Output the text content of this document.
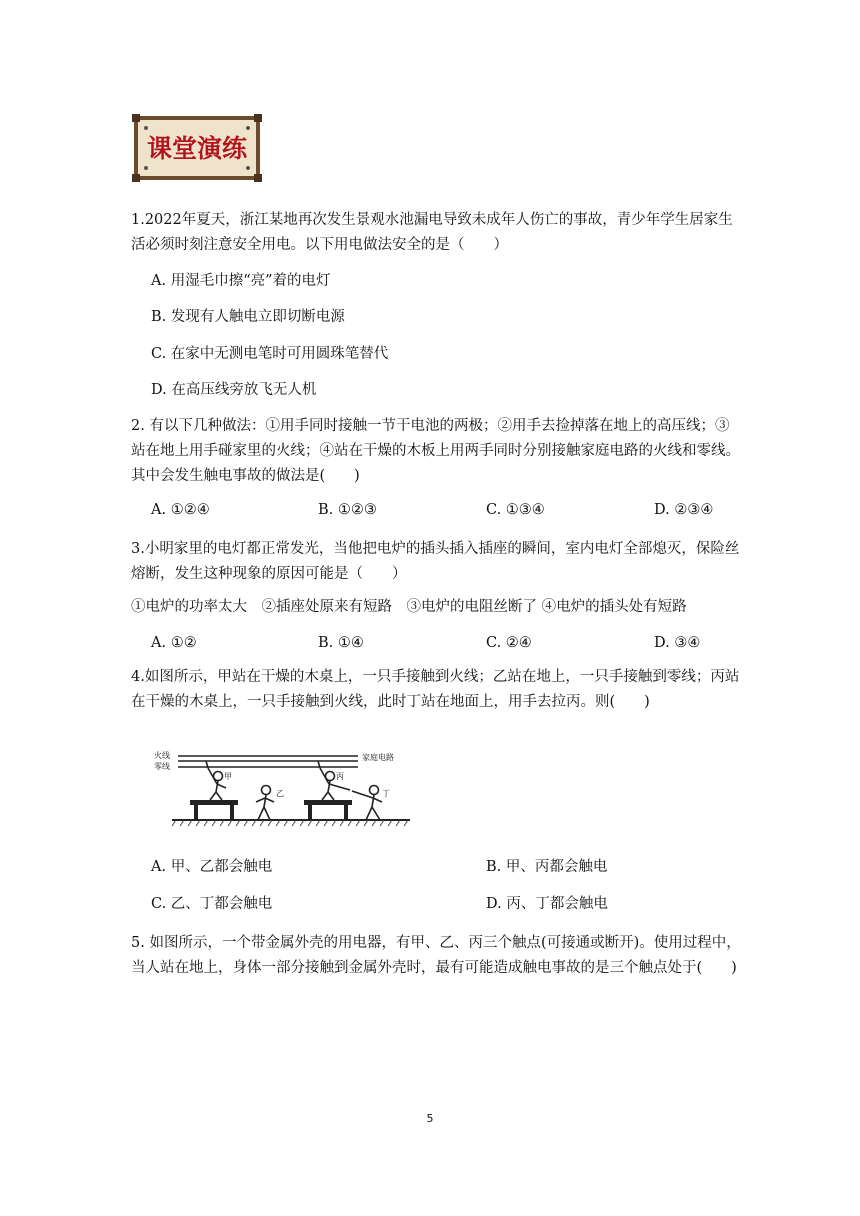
课堂演练
1.2022年夏天，浙江某地再次发生景观水池漏电导致未成年人伤亡的事故，青少年学生居家生活必须时刻注意安全用电。以下用电做法安全的是（　　）
A. 用湿毛巾擦“亮”着的电灯
B. 发现有人触电立即切断电源
C. 在家中无测电笔时可用圆珠笔替代
D. 在高压线旁放飞无人机
2. 有以下几种做法：①用手同时接触一节干电池的两极；②用手去捡掉落在地上的高压线；③站在地上用手碰家里的火线；④站在干燥的木板上用两手同时分别接触家庭电路的火线和零线。其中会发生触电事故的做法是(　　)
A. ①②④	B. ①②③	C. ①③④	D. ②③④
3.小明家里的电灯都正常发光，当他把电炉的插头插入插座的瞬间，室内电灯全部熄灭，保险丝熔断，发生这种现象的原因可能是（　　）
①电炉的功率太大　②插座处原来有短路　③电炉的电阻丝断了 ④电炉的插头处有短路
A. ①②	B. ①④	C. ②④	D. ③④
4.如图所示，甲站在干燥的木桌上，一只手接触到火线；乙站在地上，一只手接触到零线；丙站在干燥的木桌上，一只手接触到火线，此时丁站在地面上，用手去拉丙。则(　　)
火线
零线
家庭电路
甲
乙
丙
丁
A. 甲、乙都会触电	B. 甲、丙都会触电
C. 乙、丁都会触电	D. 丙、丁都会触电
5. 如图所示，一个带金属外壳的用电器，有甲、乙、丙三个触点(可接通或断开)。使用过程中，当人站在地上，身体一部分接触到金属外壳时，最有可能造成触电事故的是三个触点处于(　　)
5
